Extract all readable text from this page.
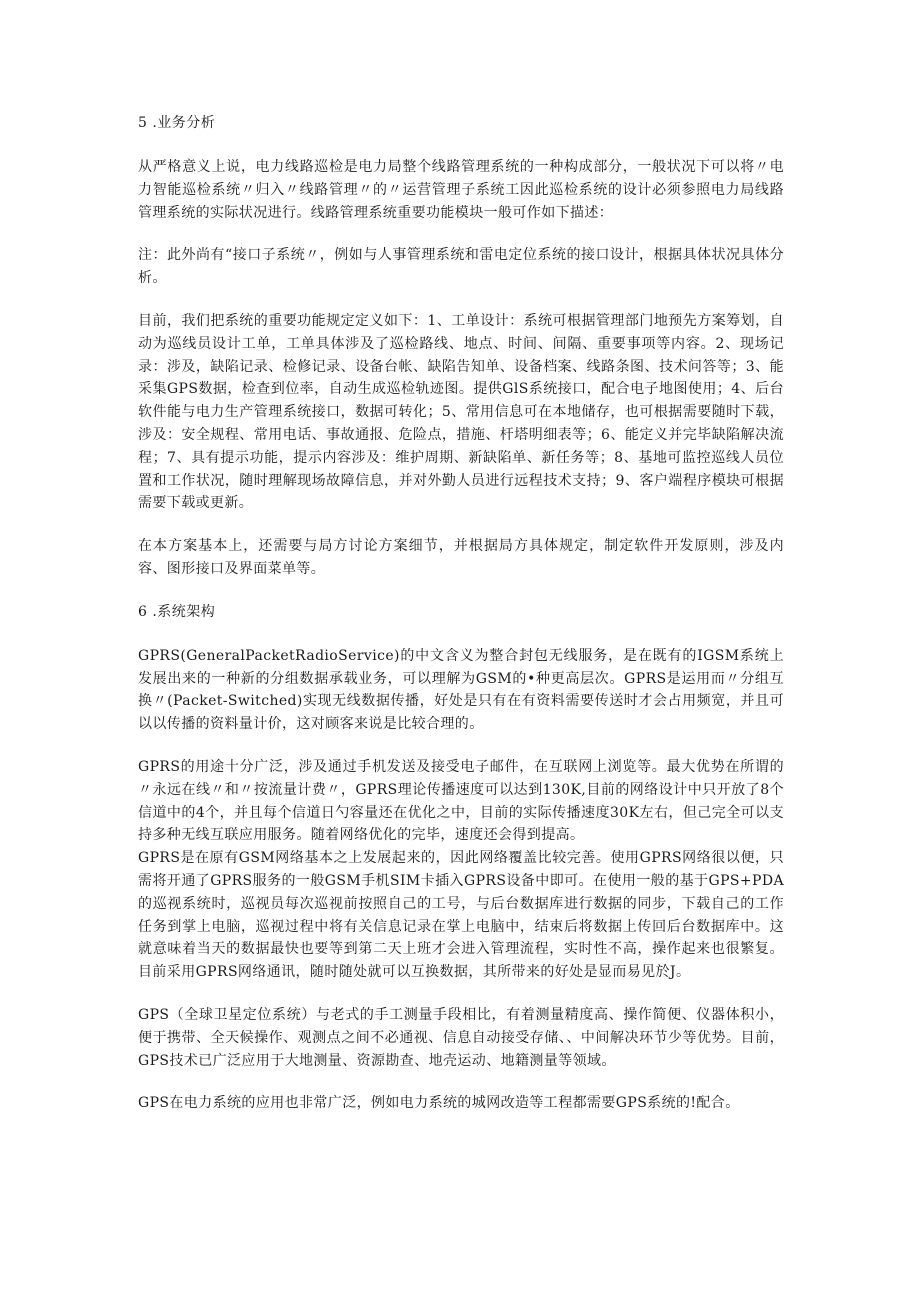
5 .业务分析

从严格意义上说，电力线路巡检是电力局整个线路管理系统的一种构成部分，一般状况下可以将〃电力智能巡检系统〃归入〃线路管理〃的〃运营管理子系统工因此巡检系统的设计必须参照电力局线路管理系统的实际状况进行。线路管理系统重要功能模块一般可作如下描述：

注：此外尚有“接口子系统〃，例如与人事管理系统和雷电定位系统的接口设计，根据具体状况具体分析。

目前，我们把系统的重要功能规定定义如下：1、工单设计：系统可根据管理部门地预先方案筹划，自动为巡线员设计工单，工单具体涉及了巡检路线、地点、时间、间隔、重要事项等内容。2、现场记录：涉及，缺陷记录、检修记录、设备台帐、缺陷告知单、设备档案、线路条图、技术问答等；3、能采集GPS数据，检查到位率，自动生成巡检轨迹图。提供GlS系统接口，配合电子地图使用；4、后台软件能与电力生产管理系统接口，数据可转化；5、常用信息可在本地储存，也可根据需要随时下载，涉及：安全规程、常用电话、事故通报、危险点，措施、杆塔明细表等；6、能定义并完毕缺陷解决流程；7、具有提示功能，提示内容涉及：维护周期、新缺陷单、新任务等；8、基地可监控巡线人员位置和工作状况，随时理解现场故障信息，并对外勤人员进行远程技术支持；9、客户端程序模块可根据需要下载或更新。

在本方案基本上，还需要与局方讨论方案细节，并根据局方具体规定，制定软件开发原则，涉及内容、图形接口及界面菜单等。

6 .系统架构

GPRS(GeneralPacketRadioService)的中文含义为整合封包无线服务，是在既有的IGSM系统上发展出来的一种新的分组数据承载业务，可以理解为GSM的•种更高层次。GPRS是运用而〃分组互换〃(Packet-Switched)实现无线数据传播，好处是只有在有资料需要传送时才会占用频宽，并且可以以传播的资料量计价，这对顾客来说是比较合理的。

GPRS的用途十分广泛，涉及通过手机发送及接受电子邮件，在互联网上浏览等。最大优势在所谓的〃永远在线〃和〃按流量计费〃，GPRS理论传播速度可以达到130K,目前的网络设计中只开放了8个信道中的4个，并且每个信道日勺容量还在优化之中，目前的实际传播速度30K左右，但己完全可以支持多种无线互联应用服务。随着网络优化的完毕，速度还会得到提高。

GPRS是在原有GSM网络基本之上发展起来的，因此网络覆盖比较完善。使用GPRS网络很以便，只需将开通了GPRS服务的一般GSM手机SIM卡插入GPRS设备中即可。在使用一般的基于GPS+PDA的巡视系统时，巡视员每次巡视前按照自己的工号，与后台数据库进行数据的同步，下载自己的工作任务到掌上电脑，巡视过程中将有关信息记录在掌上电脑中，结束后将数据上传回后台数据库中。这就意味着当天的数据最快也要等到第二天上班才会进入管理流程，实时性不高，操作起来也很繁复。目前采用GPRS网络通讯，随时随处就可以互换数据，其所带来的好处是显而易见於J。

GPS（全球卫星定位系统）与老式的手工测量手段相比，有着测量精度高、操作简便、仪器体积小，便于携带、全天候操作、观测点之间不必通视、信息自动接受存储、、中间解决环节少等优势。目前，GPS技术已广泛应用于大地测量、资源勘查、地壳运动、地籍测量等领域。

GPS在电力系统的应用也非常广泛，例如电力系统的城网改造等工程都需要GPS系统的!配合。
